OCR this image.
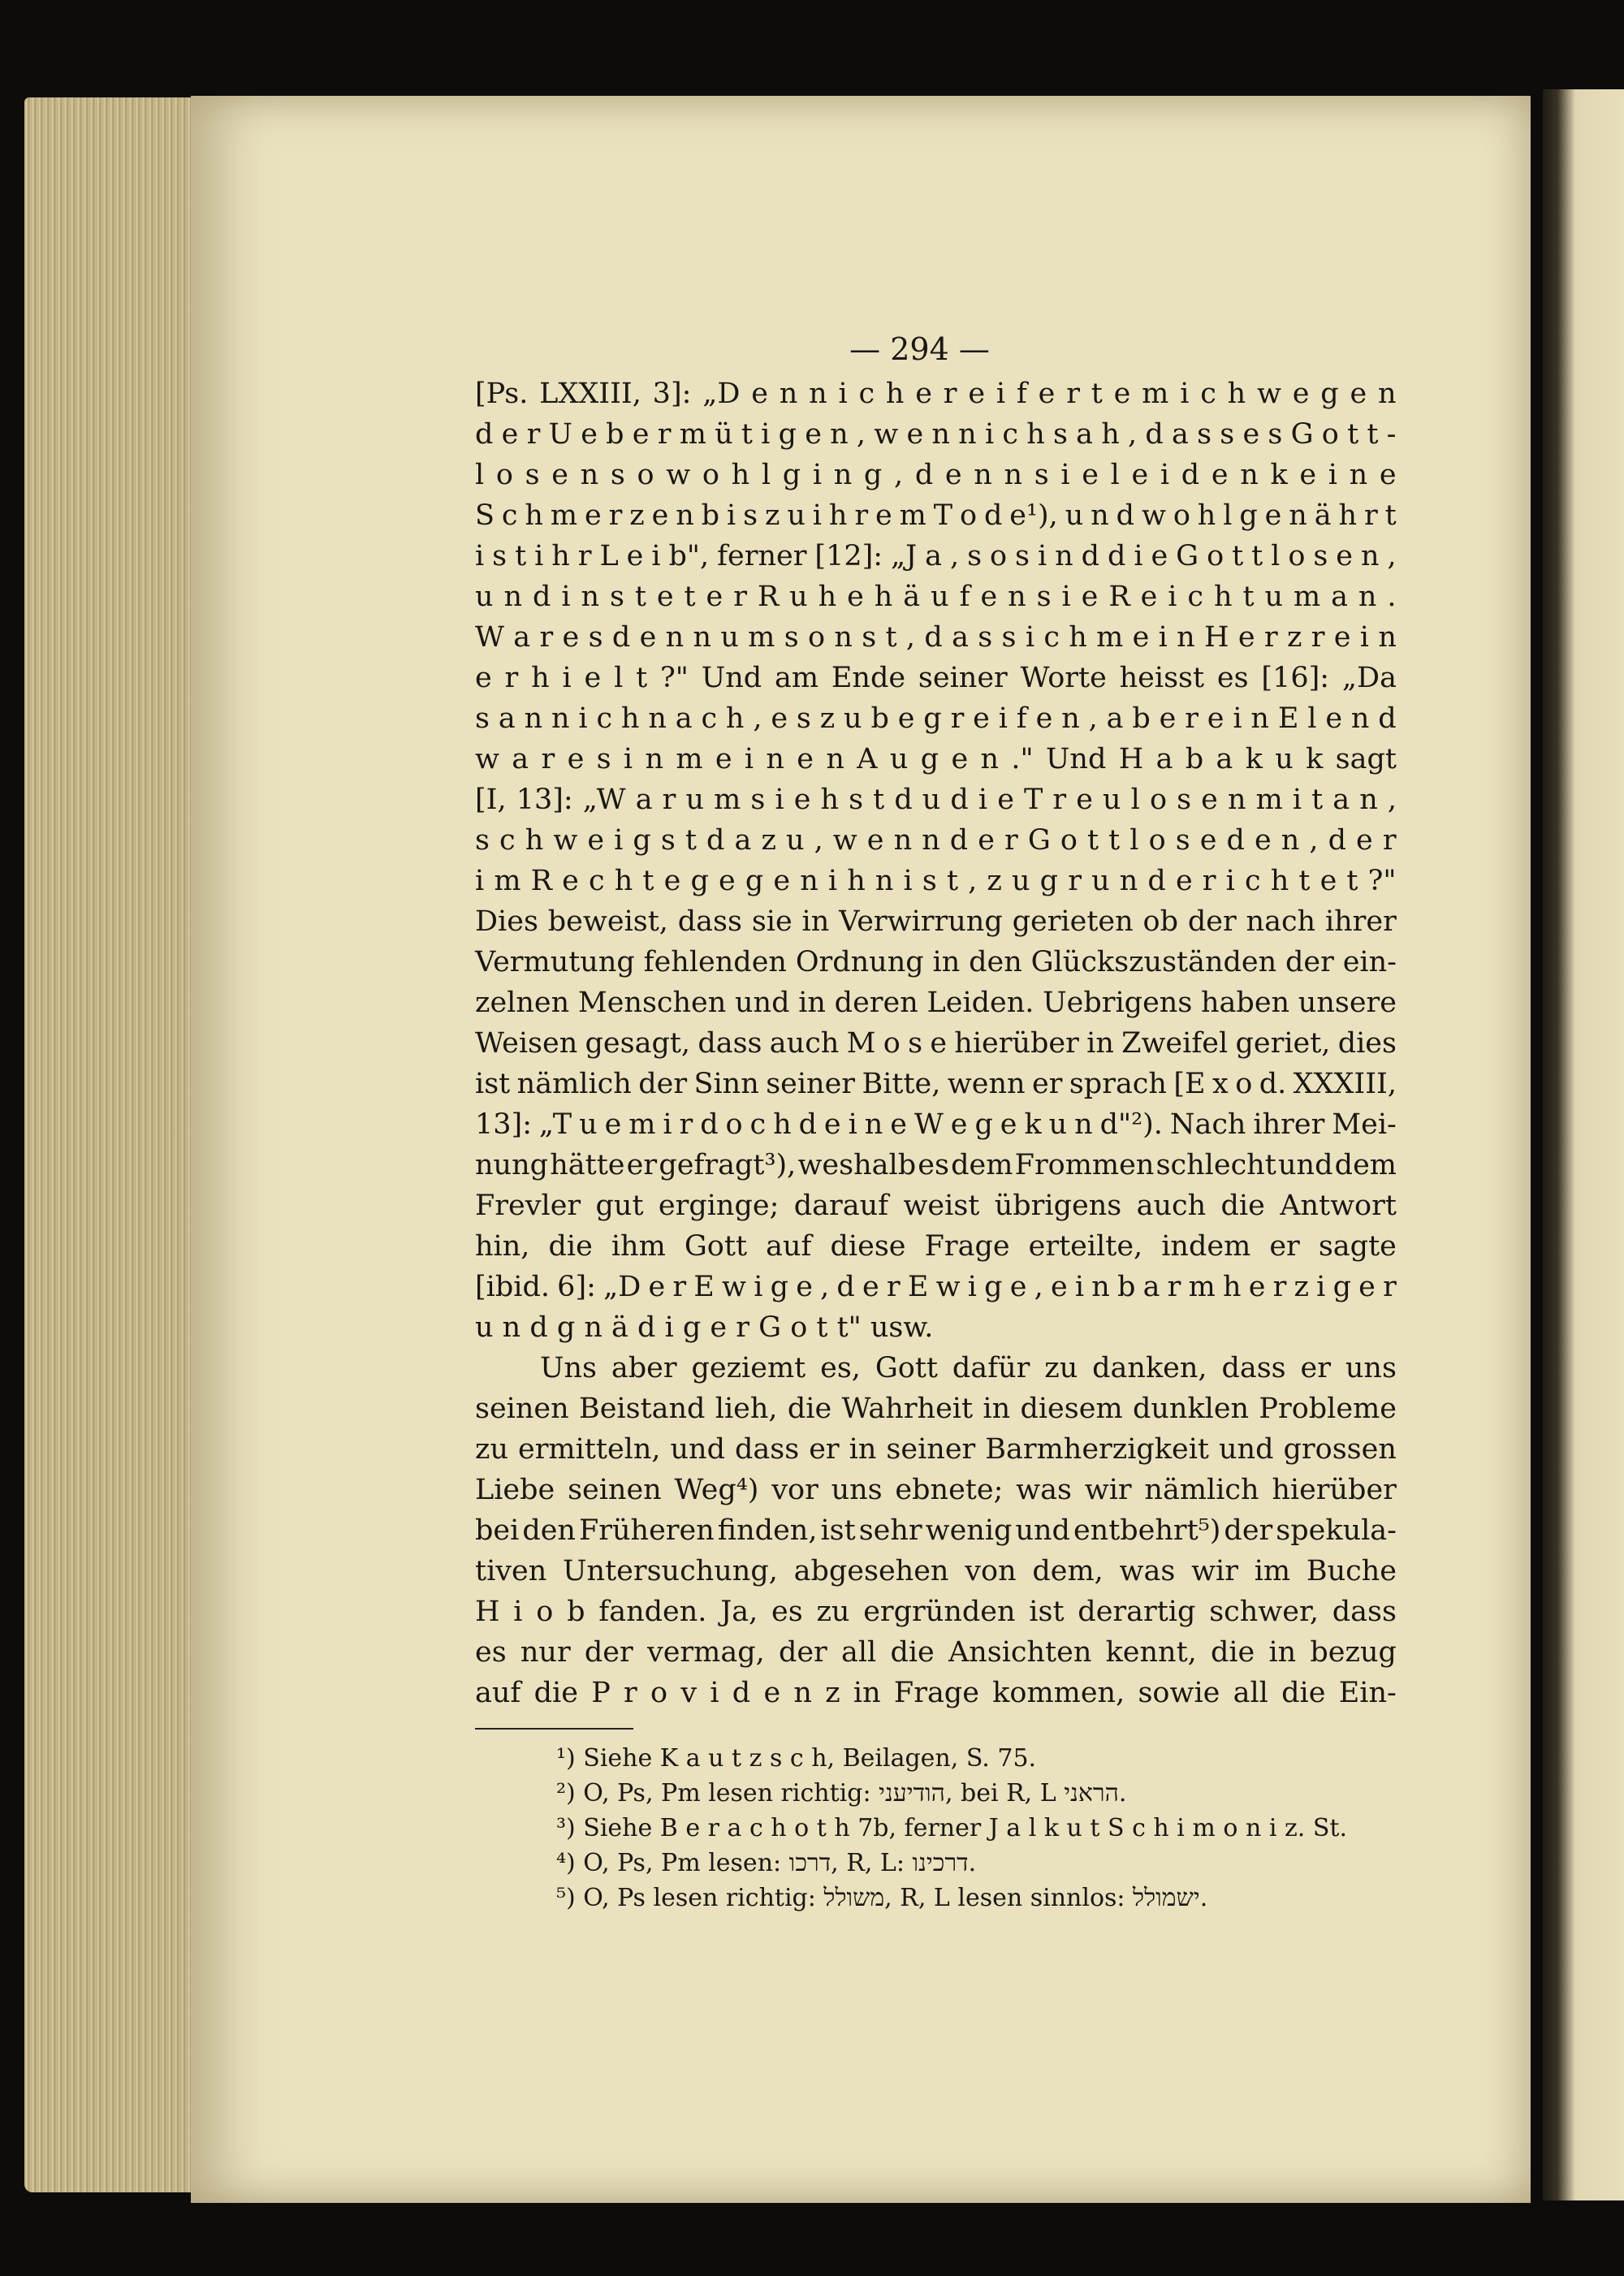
— 294 —
[Ps. LXXIII, 3]: „D e n n i c h e r e i f e r t e m i c h w e g e n
d e r U e b e r m ü t i g e n , w e n n i c h s a h , d a s s e s G o t t -
l o s e n s o w o h l g i n g , d e n n s i e l e i d e n k e i n e
S c h m e r z e n b i s z u i h r e m T o d e¹), u n d w o h l g e n ä h r t
i s t i h r L e i b", ferner [12]: „J a , s o s i n d d i e G o t t l o s e n ,
u n d i n s t e t e r R u h e h ä u f e n s i e R e i c h t u m a n .
W a r e s d e n n u m s o n s t , d a s s i c h m e i n H e r z r e i n
e r h i e l t ?" Und am Ende seiner Worte heisst es [16]: „Da
s a n n i c h n a c h , e s z u b e g r e i f e n , a b e r e i n E l e n d
w a r e s i n m e i n e n A u g e n ." Und H a b a k u k sagt
[I, 13]: „W a r u m s i e h s t d u d i e T r e u l o s e n m i t a n ,
s c h w e i g s t d a z u , w e n n d e r G o t t l o s e d e n , d e r
i m R e c h t e g e g e n i h n i s t , z u g r u n d e r i c h t e t ?"
Dies beweist, dass sie in Verwirrung gerieten ob der nach ihrer
Vermutung fehlenden Ordnung in den Glückszuständen der ein-
zelnen Menschen und in deren Leiden. Uebrigens haben unsere
Weisen gesagt, dass auch M o s e hierüber in Zweifel geriet, dies
ist nämlich der Sinn seiner Bitte, wenn er sprach [E x o d. XXXIII,
13]: „T u e m i r d o c h d e i n e W e g e k u n d"²). Nach ihrer Mei-
nung hätte er gefragt³), weshalb es dem Frommen schlecht und dem
Frevler gut erginge; darauf weist übrigens auch die Antwort
hin, die ihm Gott auf diese Frage erteilte, indem er sagte
[ibid. 6]: „D e r E w i g e , d e r E w i g e , e i n b a r m h e r z i g e r
u n d g n ä d i g e r G o t t" usw.
Uns aber geziemt es, Gott dafür zu danken, dass er uns
seinen Beistand lieh, die Wahrheit in diesem dunklen Probleme
zu ermitteln, und dass er in seiner Barmherzigkeit und grossen
Liebe seinen Weg⁴) vor uns ebnete; was wir nämlich hierüber
bei den Früheren finden, ist sehr wenig und entbehrt⁵) der spekula-
tiven Untersuchung, abgesehen von dem, was wir im Buche
H i o b fanden. Ja, es zu ergründen ist derartig schwer, dass
es nur der vermag, der all die Ansichten kennt, die in bezug
auf die P r o v i d e n z in Frage kommen, sowie all die Ein-
¹) Siehe K a u t z s c h, Beilagen, S. 75.
²) O, Ps, Pm lesen richtig: הודיעני, bei R, L הראני.
³) Siehe B e r a c h o t h 7b, ferner J a l k u t S c h i m o n i z. St.
⁴) O, Ps, Pm lesen: דרכו, R, L: דרכינו.
⁵) O, Ps lesen richtig: משולל, R, L lesen sinnlos: ישמולל.
